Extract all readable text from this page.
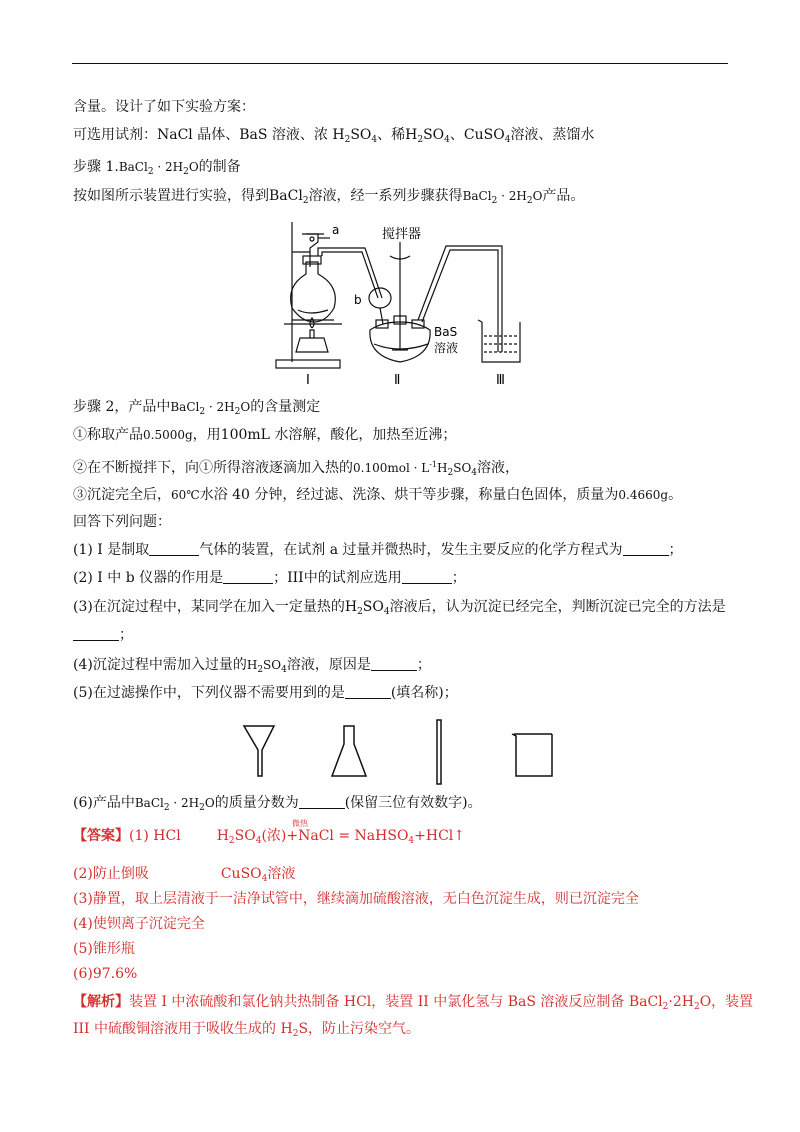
含量。设计了如下实验方案：
可选用试剂：NaCl 晶体、BaS 溶液、浓 $H_2SO_4$、稀$H_2SO_4$、CuSO$_4$溶液、蒸馏水
步骤 1.BaCl$_2$ · $2H_2O$的制备
按如图所示装置进行实验，得到BaCl$_2$溶液，经一系列步骤获得BaCl$_2$ · $2H_2O$产品。
a
b
搅拌器
BaS
溶液
Ⅰ	Ⅱ	Ⅲ
步骤 2，产品中BaCl$_2$ · $2H_2O$的含量测定
①称取产品0.5000g，用100mL 水溶解，酸化，加热至近沸；
②在不断搅拌下，向①所得溶液逐滴加入热的$0.100mol \cdot L^{-1}H_2SO_4$溶液，
③沉淀完全后，60℃水浴 40 分钟，经过滤、洗涤、烘干等步骤，称量白色固体，质量为0.4660g。
回答下列问题：
(1) Ⅰ 是制取	气体的装置，在试剂 a 过量并微热时，发生主要反应的化学方程式为	；
(2) Ⅰ 中 b 仪器的作用是	；III中的试剂应选用	；
(3)在沉淀过程中，某同学在加入一定量热的$H_2SO_4$溶液后，认为沉淀已经完全，判断沉淀已完全的方法是
；
(4)沉淀过程中需加入过量的$H_2SO_4$溶液，原因是	；
(5)在过滤操作中，下列仪器不需要用到的是	(填名称)；
(6)产品中BaCl$_2$ · $2H_2O$的质量分数为	(保留三位有效数字)。
微热
【答案】(1) HCl	$H_2SO_4$(浓)+NaCl = NaHSO$_4$+HCl↑
(2)防止倒吸	CuSO$_4$溶液
(3)静置，取上层清液于一洁净试管中，继续滴加硫酸溶液，无白色沉淀生成，则已沉淀完全
(4)使钡离子沉淀完全
(5)锥形瓶
(6)97.6%
【解析】装置 I 中浓硫酸和氯化钠共热制备 HCl，装置 II 中氯化氢与 BaS 溶液反应制备 $BaCl_2\cdot 2H_2O$，装置
III 中硫酸铜溶液用于吸收生成的 $H_2S$，防止污染空气。
